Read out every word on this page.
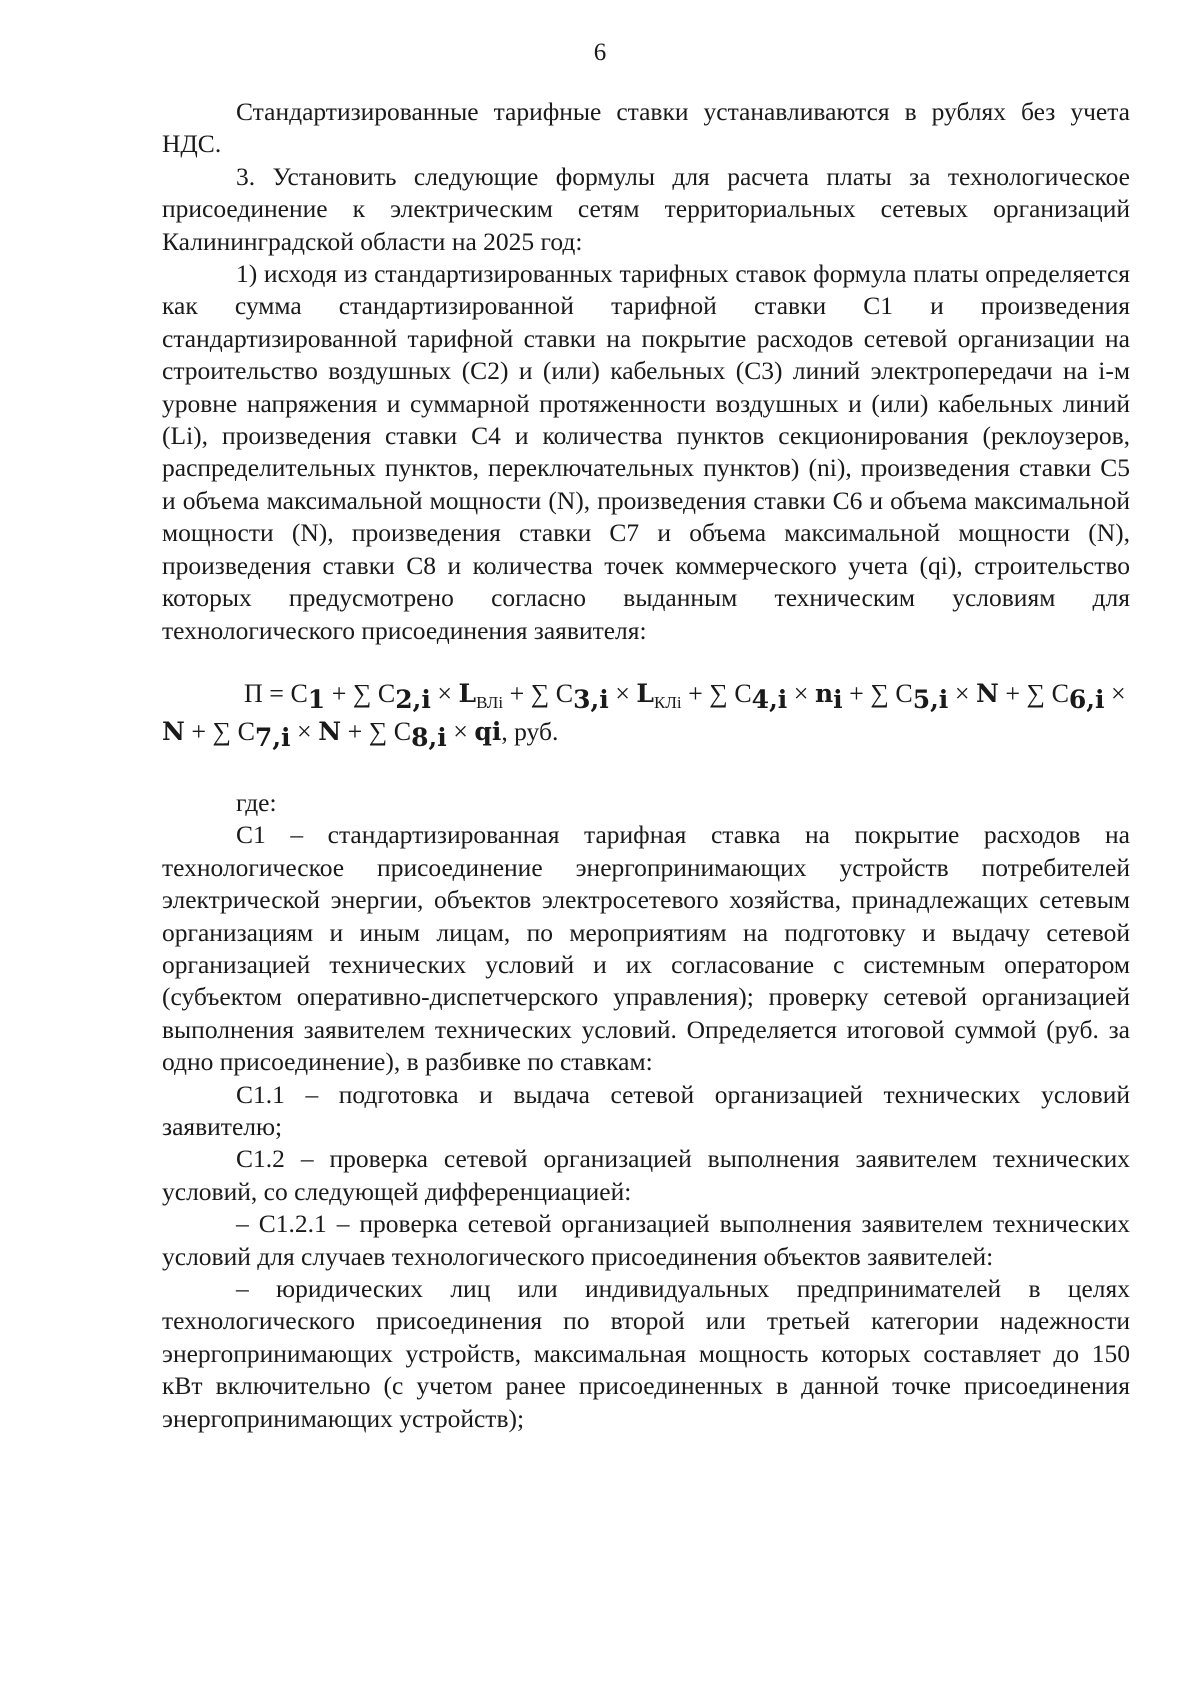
6

Стандартизированные тарифные ставки устанавливаются в рублях без учета НДС.

3. Установить следующие формулы для расчета платы за технологическое присоединение к электрическим сетям территориальных сетевых организаций Калининградской области на 2025 год:

1) исходя из стандартизированных тарифных ставок формула платы определяется как сумма стандартизированной тарифной ставки C1 и произведения стандартизированной тарифной ставки на покрытие расходов сетевой организации на строительство воздушных (C2) и (или) кабельных (C3) линий электропередачи на i-м уровне напряжения и суммарной протяженности воздушных и (или) кабельных линий (Li), произведения ставки C4 и количества пунктов секционирования (реклоузеров, распределительных пунктов, переключательных пунктов) (ni), произведения ставки C5 и объема максимальной мощности (N), произведения ставки C6 и объема максимальной мощности (N), произведения ставки C7 и объема максимальной мощности (N), произведения ставки C8 и количества точек коммерческого учета (qi), строительство которых предусмотрено согласно выданным техническим условиям для технологического присоединения заявителя:

$П = С_1$ + ∑ $С_{2,i} \times L_{ВЛi}$ + ∑ $С_{3,i} \times L_{КЛi}$ + ∑ $С_{4,i} \times n_i$ + ∑ $С_{5,i} \times N$ + ∑ $С_{6,i}$ ×
N + ∑ $С_{7,i} \times N$ + ∑ $С_{8,i}$ × qi, руб.

где:

С1 – стандартизированная тарифная ставка на покрытие расходов на технологическое присоединение энергопринимающих устройств потребителей электрической энергии, объектов электросетевого хозяйства, принадлежащих сетевым организациям и иным лицам, по мероприятиям на подготовку и выдачу сетевой организацией технических условий и их согласование с системным оператором (субъектом оперативно-диспетчерского управления); проверку сетевой организацией выполнения заявителем технических условий. Определяется итоговой суммой (руб. за одно присоединение), в разбивке по ставкам:

С1.1 – подготовка и выдача сетевой организацией технических условий заявителю;

С1.2 – проверка сетевой организацией выполнения заявителем технических условий, со следующей дифференциацией:

– С1.2.1 – проверка сетевой организацией выполнения заявителем технических условий для случаев технологического присоединения объектов заявителей:

– юридических лиц или индивидуальных предпринимателей в целях технологического присоединения по второй или третьей категории надежности энергопринимающих устройств, максимальная мощность которых составляет до 150 кВт включительно (с учетом ранее присоединенных в данной точке присоединения энергопринимающих устройств);
